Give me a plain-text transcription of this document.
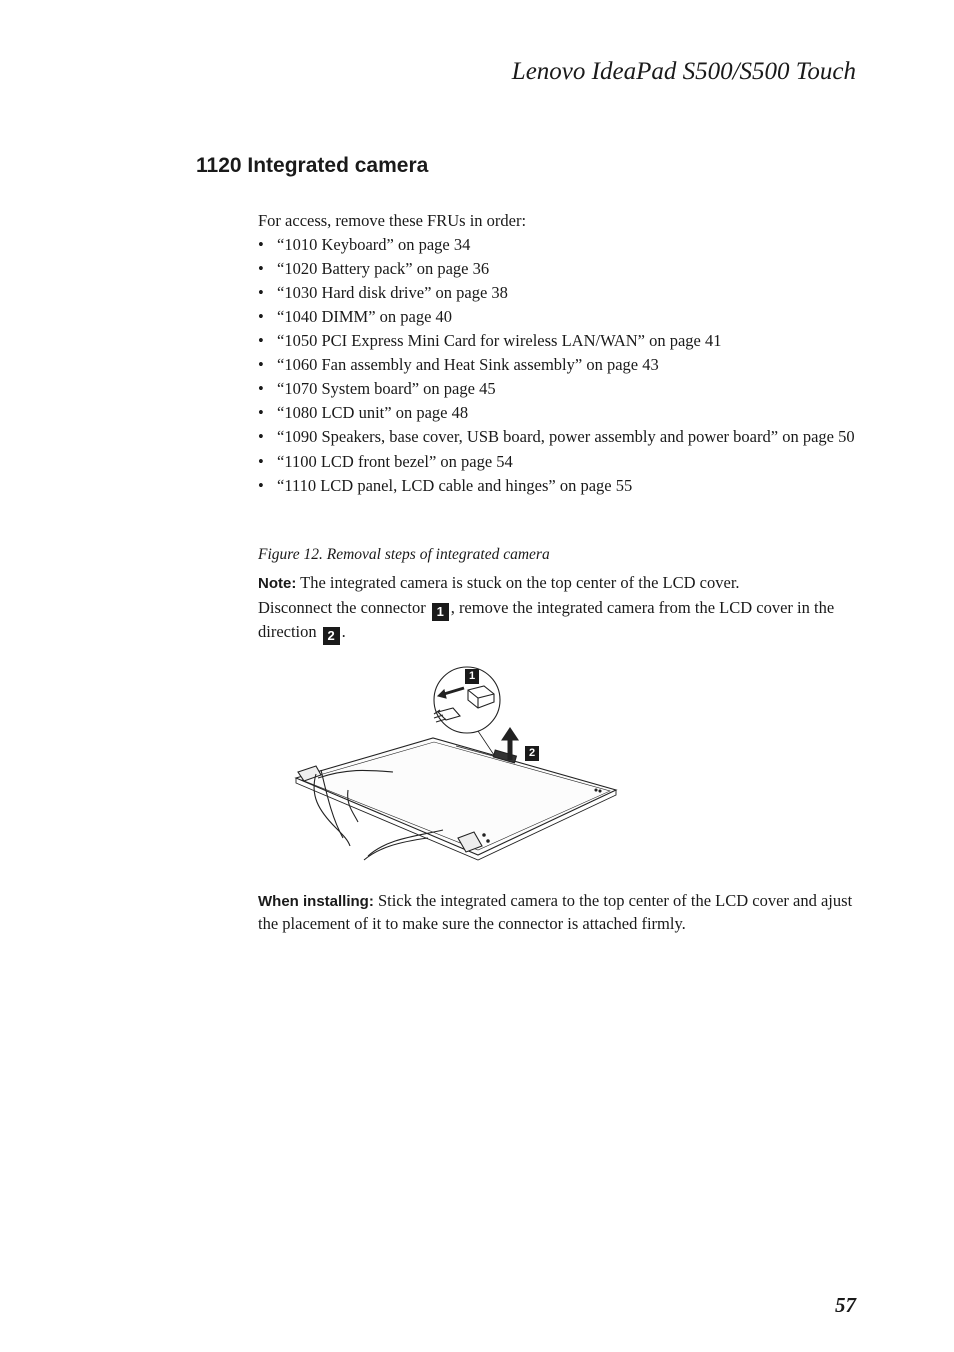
Lenovo IdeaPad S500/S500 Touch
1120 Integrated camera
For access, remove these FRUs in order:
• “1010 Keyboard” on page 34
• “1020 Battery pack” on page 36
• “1030 Hard disk drive” on page 38
• “1040 DIMM” on page 40
• “1050 PCI Express Mini Card for wireless LAN/WAN” on page 41
• “1060 Fan assembly and Heat Sink assembly” on page 43
• “1070 System board” on page 45
• “1080 LCD unit” on page 48
• “1090 Speakers, base cover, USB board, power assembly and power board” on page 50
• “1100 LCD front bezel” on page 54
• “1110 LCD panel, LCD cable and hinges” on page 55
Figure 12. Removal steps of integrated camera
Note: The integrated camera is stuck on the top center of the LCD cover.
Disconnect the connector 1 , remove the integrated camera from the LCD cover in the direction 2 .
1
2
When installing: Stick the integrated camera to the top center of the LCD cover and ajust the placement of it to make sure the connector is attached firmly.
57
